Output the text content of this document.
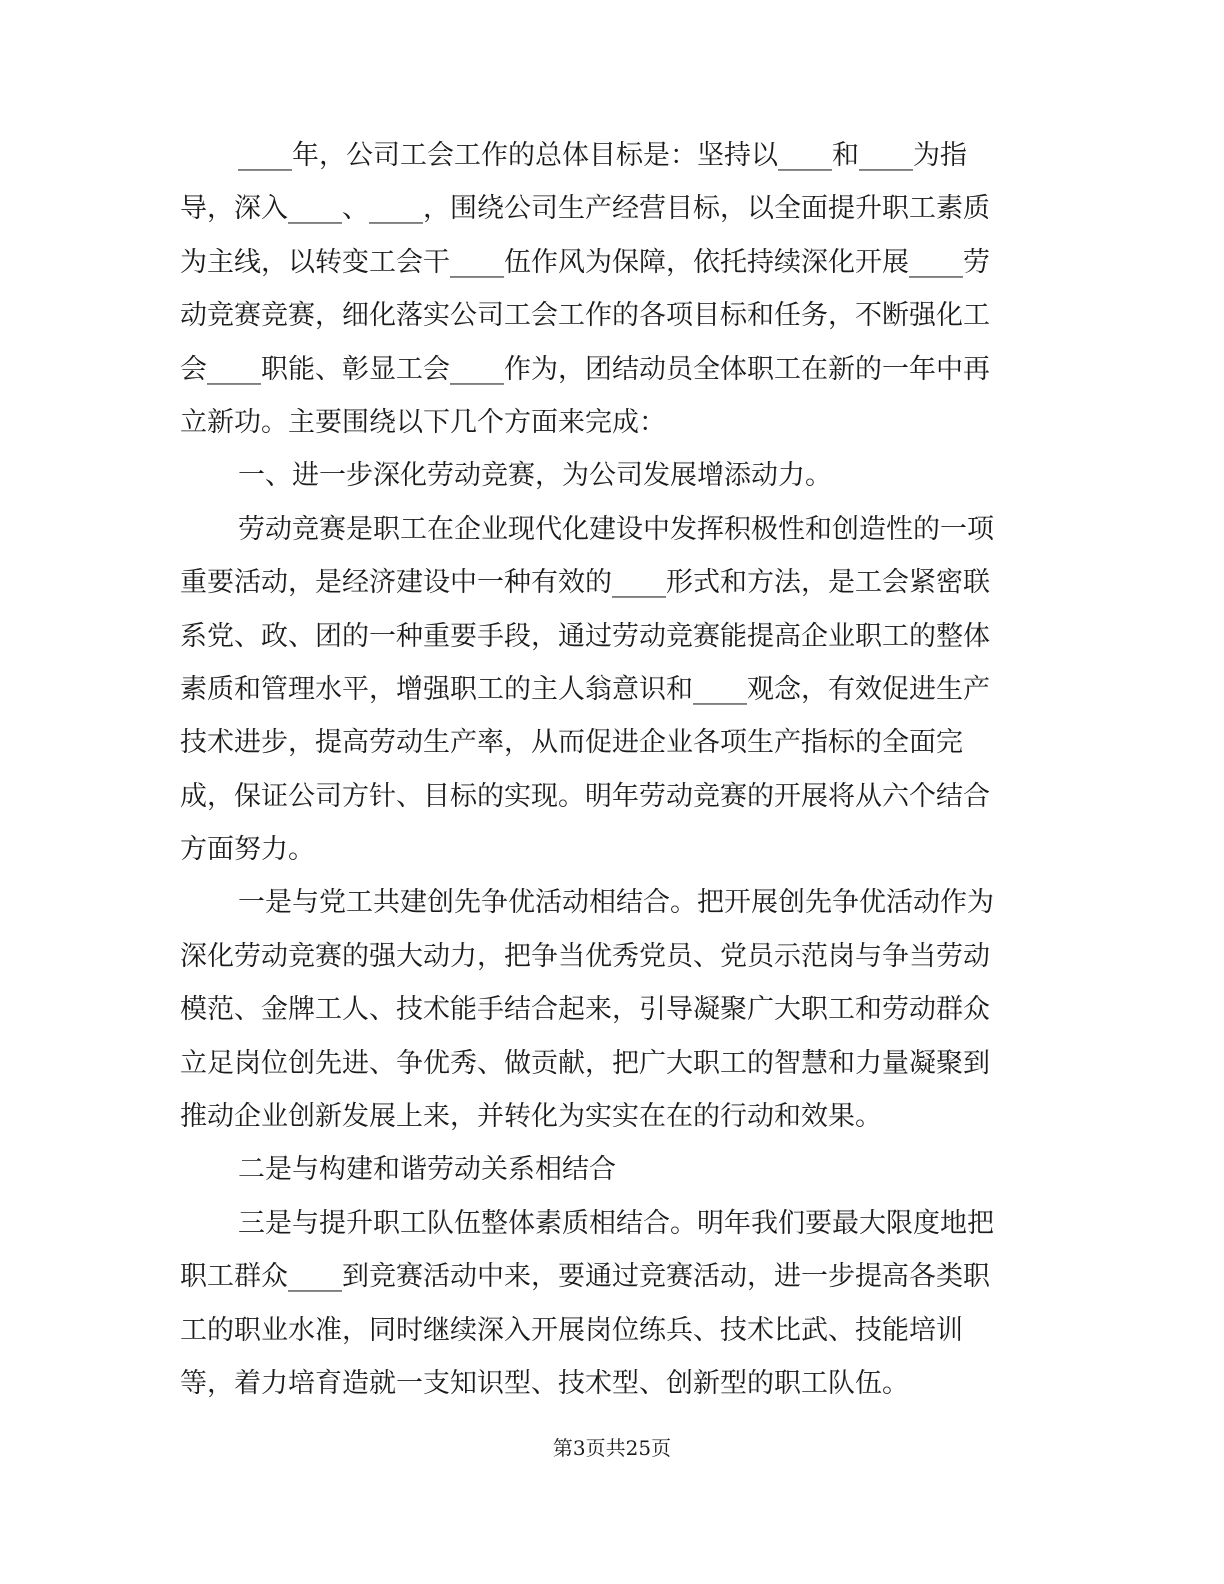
____年，公司工会工作的总体目标是：坚持以____和____为指
导，深入____、____，围绕公司生产经营目标，以全面提升职工素质
为主线，以转变工会干____伍作风为保障，依托持续深化开展____劳
动竞赛竞赛，细化落实公司工会工作的各项目标和任务，不断强化工
会____职能、彰显工会____作为，团结动员全体职工在新的一年中再
立新功。主要围绕以下几个方面来完成：
一、进一步深化劳动竞赛，为公司发展增添动力。
劳动竞赛是职工在企业现代化建设中发挥积极性和创造性的一项
重要活动，是经济建设中一种有效的____形式和方法，是工会紧密联
系党、政、团的一种重要手段，通过劳动竞赛能提高企业职工的整体
素质和管理水平，增强职工的主人翁意识和____观念，有效促进生产
技术进步，提高劳动生产率，从而促进企业各项生产指标的全面完
成，保证公司方针、目标的实现。明年劳动竞赛的开展将从六个结合
方面努力。
一是与党工共建创先争优活动相结合。把开展创先争优活动作为
深化劳动竞赛的强大动力，把争当优秀党员、党员示范岗与争当劳动
模范、金牌工人、技术能手结合起来，引导凝聚广大职工和劳动群众
立足岗位创先进、争优秀、做贡献，把广大职工的智慧和力量凝聚到
推动企业创新发展上来，并转化为实实在在的行动和效果。
二是与构建和谐劳动关系相结合
三是与提升职工队伍整体素质相结合。明年我们要最大限度地把
职工群众____到竞赛活动中来，要通过竞赛活动，进一步提高各类职
工的职业水准，同时继续深入开展岗位练兵、技术比武、技能培训
等，着力培育造就一支知识型、技术型、创新型的职工队伍。
第3页共25页
